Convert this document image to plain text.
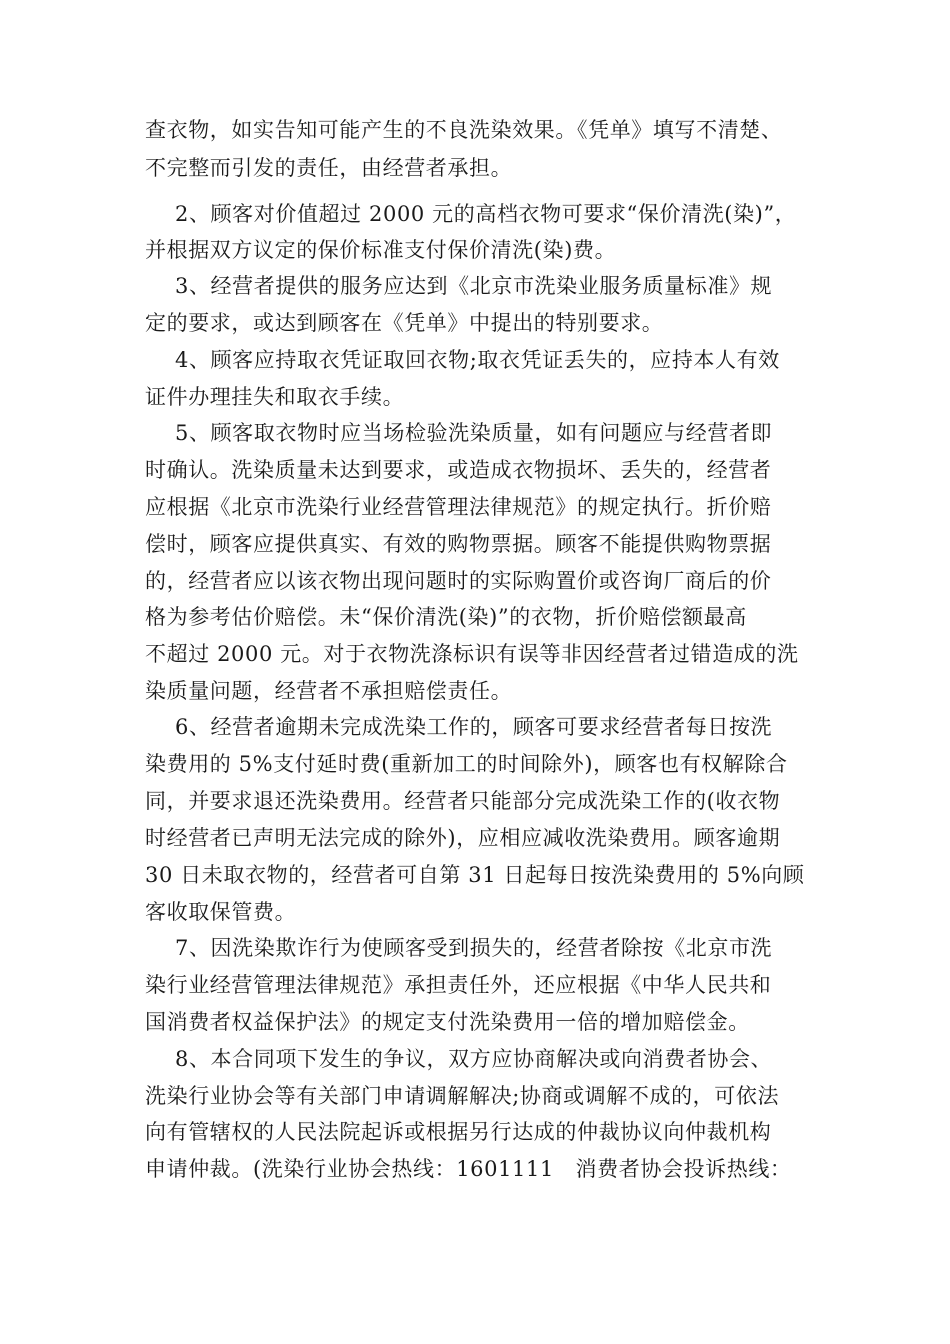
查衣物，如实告知可能产生的不良洗染效果。《凭单》填写不清楚、
不完整而引发的责任，由经营者承担。
2、顾客对价值超过 2000 元的高档衣物可要求“保价清洗(染)”，
并根据双方议定的保价标准支付保价清洗(染)费。
3、经营者提供的服务应达到《北京市洗染业服务质量标准》规
定的要求，或达到顾客在《凭单》中提出的特别要求。
4、顾客应持取衣凭证取回衣物;取衣凭证丢失的，应持本人有效
证件办理挂失和取衣手续。
5、顾客取衣物时应当场检验洗染质量，如有问题应与经营者即
时确认。洗染质量未达到要求，或造成衣物损坏、丢失的，经营者
应根据《北京市洗染行业经营管理法律规范》的规定执行。折价赔
偿时，顾客应提供真实、有效的购物票据。顾客不能提供购物票据
的，经营者应以该衣物出现问题时的实际购置价或咨询厂商后的价
格为参考估价赔偿。未“保价清洗(染)”的衣物，折价赔偿额最高
不超过 2000 元。对于衣物洗涤标识有误等非因经营者过错造成的洗
染质量问题，经营者不承担赔偿责任。
6、经营者逾期未完成洗染工作的，顾客可要求经营者每日按洗
染费用的 5%支付延时费(重新加工的时间除外)，顾客也有权解除合
同，并要求退还洗染费用。经营者只能部分完成洗染工作的(收衣物
时经营者已声明无法完成的除外)，应相应减收洗染费用。顾客逾期
30 日未取衣物的，经营者可自第 31 日起每日按洗染费用的 5%向顾
客收取保管费。
7、因洗染欺诈行为使顾客受到损失的，经营者除按《北京市洗
染行业经营管理法律规范》承担责任外，还应根据《中华人民共和
国消费者权益保护法》的规定支付洗染费用一倍的增加赔偿金。
8、本合同项下发生的争议，双方应协商解决或向消费者协会、
洗染行业协会等有关部门申请调解解决;协商或调解不成的，可依法
向有管辖权的人民法院起诉或根据另行达成的仲裁协议向仲裁机构
申请仲裁。(洗染行业协会热线：1601111　消费者协会投诉热线：
